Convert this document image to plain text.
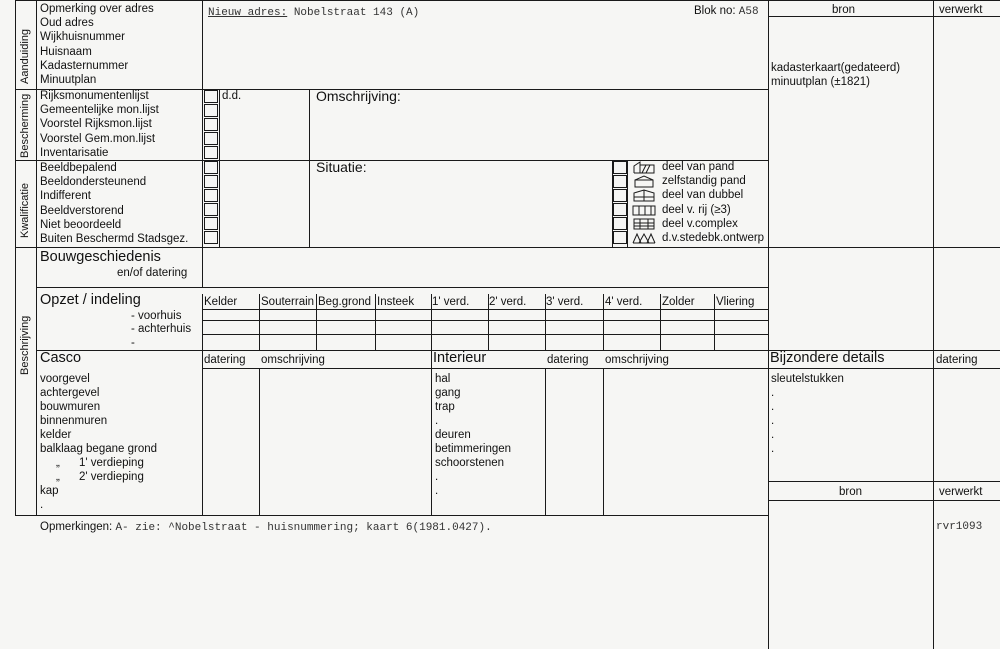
Aanduiding
Bescherming
Kwalificatie
Beschrijving
Opmerking over adres
Oud adres
Wijkhuisnummer
Huisnaam
Kadasternummer
Minuutplan
Nieuw adres: Nobelstraat 143 (A)	Blok no: A58	bron	verwerkt
kadasterkaart(gedateerd)
minuutplan (±1821)
Rijksmonumentenlijst
Gemeentelijke mon.lijst
Voorstel Rijksmon.lijst
Voorstel Gem.mon.lijst
Inventarisatie
d.d.	Omschrijving:
Beeldbepalend
Beeldondersteunend
Indifferent
Beeldverstorend
Niet beoordeeld
Buiten Beschermd Stadsgez.
Situatie:	deel van pand
zelfstandig pand
deel van dubbel
deel v. rij (≥3)
deel v.complex
d.v.stedebk.ontwerp
Bouwgeschiedenis
en/of datering
Opzet / indeling
- voorhuis
- achterhuis
-
Kelder Souterrain Beg.grond Insteek 1' verd. 2' verd. 3' verd. 4' verd. Zolder Vliering
Casco	datering omschrijving
voorgevel
achtergevel
bouwmuren
binnenmuren
kelder
balklaag begane grond
„      1' verdieping
„      2' verdieping
kap
.
Interieur	datering omschrijving
hal
gang
trap
.
deuren
betimmeringen
schoorstenen
.
.
Bijzondere details	datering
sleutelstukken
.
.
.
.
.
bron	verwerkt
Opmerkingen: A- zie: ^Nobelstraat - huisnummering; kaart 6(1981.0427).	rvr1093
